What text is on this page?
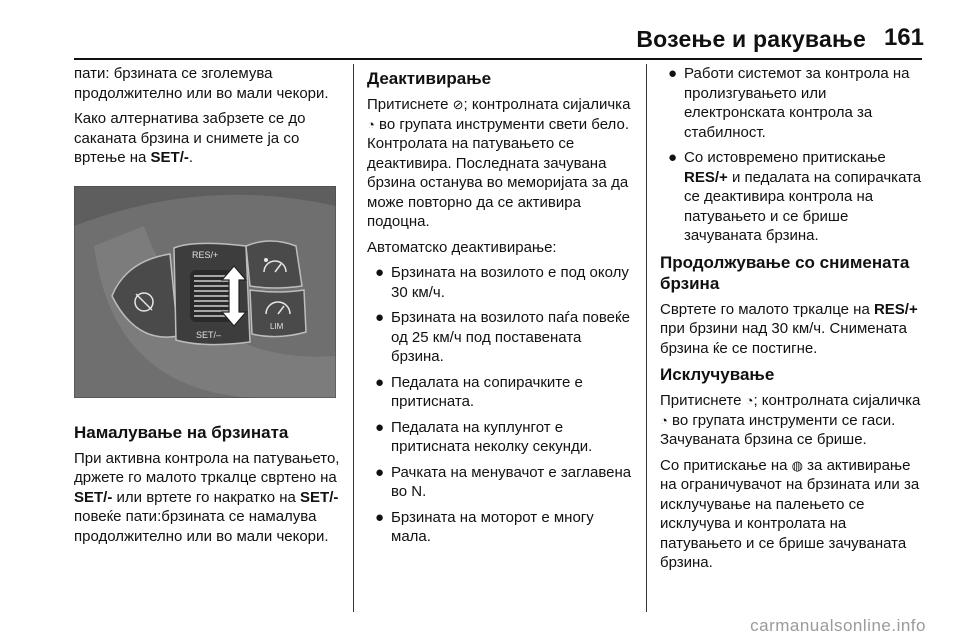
Возење и ракување 161

пати: брзината се зголемува продолжително или во мали чекори.

Како алтернатива забрзете се до саканата брзина и снимете ја со вртење на SET/-.

RES/+
SET/–
LIM
Намалување на брзината

При активна контрола на патувањето, држете го малото тркалце свртено на SET/- или вртете го накратко на SET/- повеќе пати:брзината се намалува продолжително или во мали чекори.

Деактивирање

Притиснете ⊘; контролната сијаличка ◔ во групата инструменти свети бело. Контролата на патувањето се деактивира. Последната зачувана брзина останува во меморијата за да може повторно да се активира подоцна.

Автоматско деактивирање:

● Брзината на возилото е под околу 30 км/ч.
● Брзината на возилото паѓа повеќе од 25 км/ч под поставената брзина.
● Педалата на сопирачките е притисната.
● Педалата на куплунгот е притисната неколку секунди.
● Рачката на менувачот е заглавена во N.
● Брзината на моторот е многу мала.
● Работи системот за контрола на пролизгувањето или електронската контрола за стабилност.
● Со истовремено притискање RES/+ и педалата на сопирачката се деактивира контрола на патувањето и се брише зачуваната брзина.
Продолжување со снимената брзина

Свртете го малото тркалце на RES/+ при брзини над 30 км/ч. Снимената брзина ќе се постигне.

Исклучување

Притиснете ◔; контролната сијаличка ◔ во групата инструменти се гаси. Зачуваната брзина се брише.

Со притискање на ◍ за активирање на ограничувачот на брзината или за исклучување на палењето се исклучува и контролата на патувањето и се брише зачуваната брзина.

carmanualsonline.info
